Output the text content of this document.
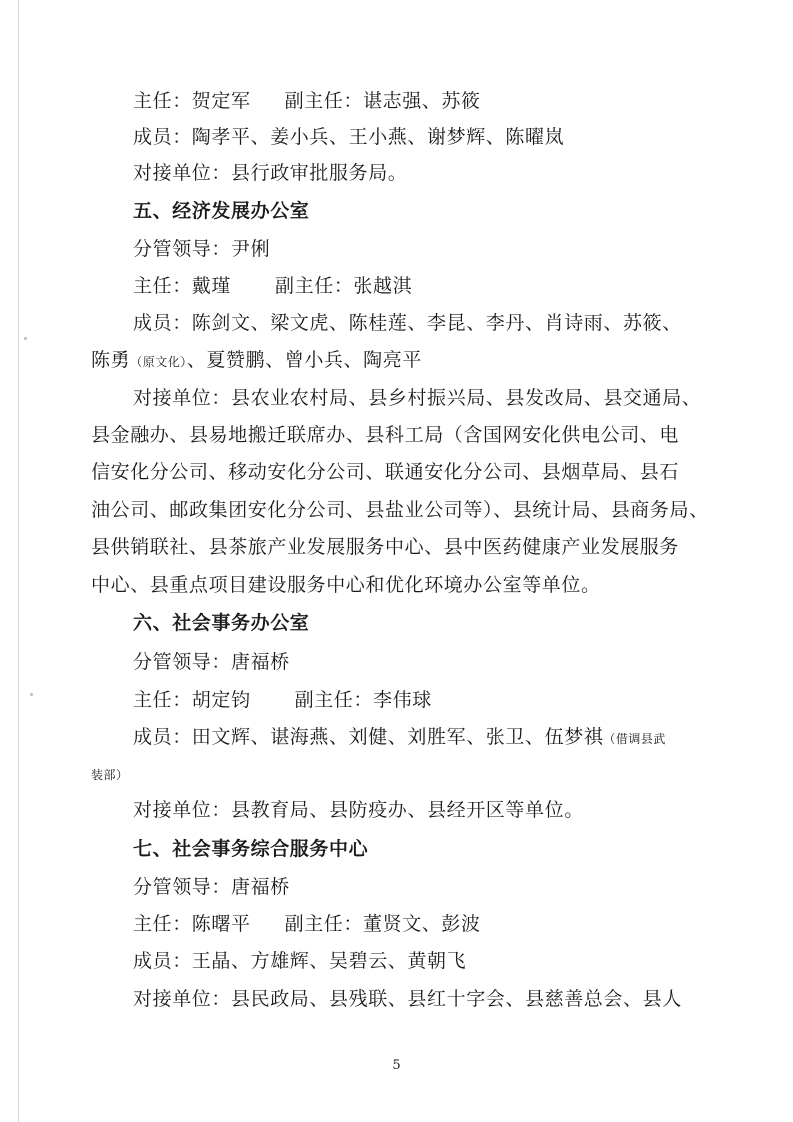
主任：贺定军 副主任：谌志强、苏筱
成员：陶孝平、姜小兵、王小燕、谢梦辉、陈曜岚
对接单位：县行政审批服务局。
五、经济发展办公室
分管领导：尹俐
主任：戴瑾 副主任：张越淇
成员：陈剑文、梁文虎、陈桂莲、李昆、李丹、肖诗雨、苏筱、
陈勇（原文化）、夏赞鹏、曾小兵、陶亮平
对接单位：县农业农村局、县乡村振兴局、县发改局、县交通局、
县金融办、县易地搬迁联席办、县科工局（含国网安化供电公司、电
信安化分公司、移动安化分公司、联通安化分公司、县烟草局、县石
油公司、邮政集团安化分公司、县盐业公司等）、县统计局、县商务局、
县供销联社、县茶旅产业发展服务中心、县中医药健康产业发展服务
中心、县重点项目建设服务中心和优化环境办公室等单位。
六、社会事务办公室
分管领导：唐福桥
主任：胡定钧 副主任：李伟球
成员：田文辉、谌海燕、刘健、刘胜军、张卫、伍梦祺（借调县武
装部）
对接单位：县教育局、县防疫办、县经开区等单位。
七、社会事务综合服务中心
分管领导：唐福桥
主任：陈曙平 副主任：董贤文、彭波
成员：王晶、方雄辉、吴碧云、黄朝飞
对接单位：县民政局、县残联、县红十字会、县慈善总会、县人
5
